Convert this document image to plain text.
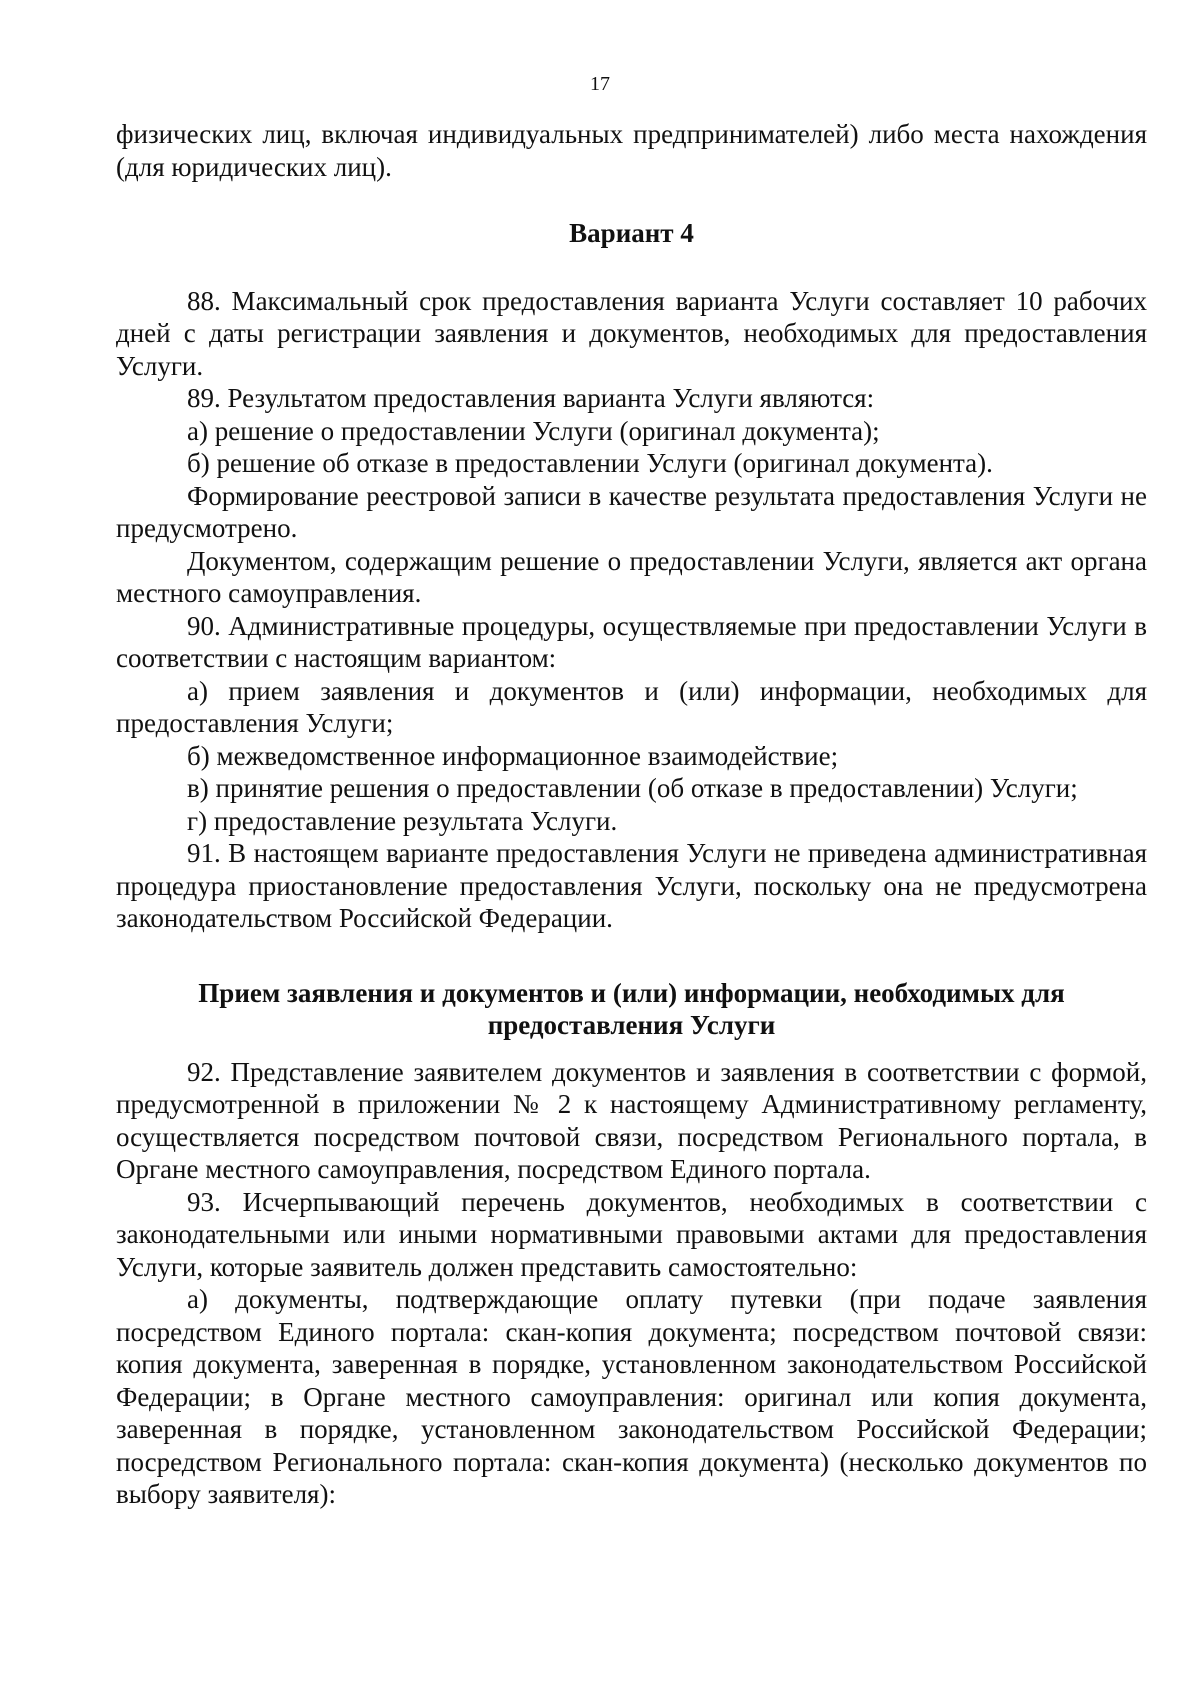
17

физических лиц, включая индивидуальных предпринимателей) либо места нахождения (для юридических лиц).

Вариант 4

88. Максимальный срок предоставления варианта Услуги составляет 10 рабочих дней с даты регистрации заявления и документов, необходимых для предоставления Услуги.

89. Результатом предоставления варианта Услуги являются:

а) решение о предоставлении Услуги (оригинал документа);

б) решение об отказе в предоставлении Услуги (оригинал документа).

Формирование реестровой записи в качестве результата предоставления Услуги не предусмотрено.

Документом, содержащим решение о предоставлении Услуги, является акт органа местного самоуправления.

90. Административные процедуры, осуществляемые при предоставлении Услуги в соответствии с настоящим вариантом:

а) прием заявления и документов и (или) информации, необходимых для предоставления Услуги;

б) межведомственное информационное взаимодействие;

в) принятие решения о предоставлении (об отказе в предоставлении) Услуги;

г) предоставление результата Услуги.

91. В настоящем варианте предоставления Услуги не приведена административная процедура приостановление предоставления Услуги, поскольку она не предусмотрена законодательством Российской Федерации.

Прием заявления и документов и (или) информации, необходимых для предоставления Услуги

92. Представление заявителем документов и заявления в соответствии с формой, предусмотренной в приложении № 2 к настоящему Административному регламенту, осуществляется посредством почтовой связи, посредством Регионального портала, в Органе местного самоуправления, посредством Единого портала.

93. Исчерпывающий перечень документов, необходимых в соответствии с законодательными или иными нормативными правовыми актами для предоставления Услуги, которые заявитель должен представить самостоятельно:

а) документы, подтверждающие оплату путевки (при подаче заявления посредством Единого портала: скан-копия документа; посредством почтовой связи: копия документа, заверенная в порядке, установленном законодательством Российской Федерации; в Органе местного самоуправления: оригинал или копия документа, заверенная в порядке, установленном законодательством Российской Федерации; посредством Регионального портала: скан-копия документа) (несколько документов по выбору заявителя):
